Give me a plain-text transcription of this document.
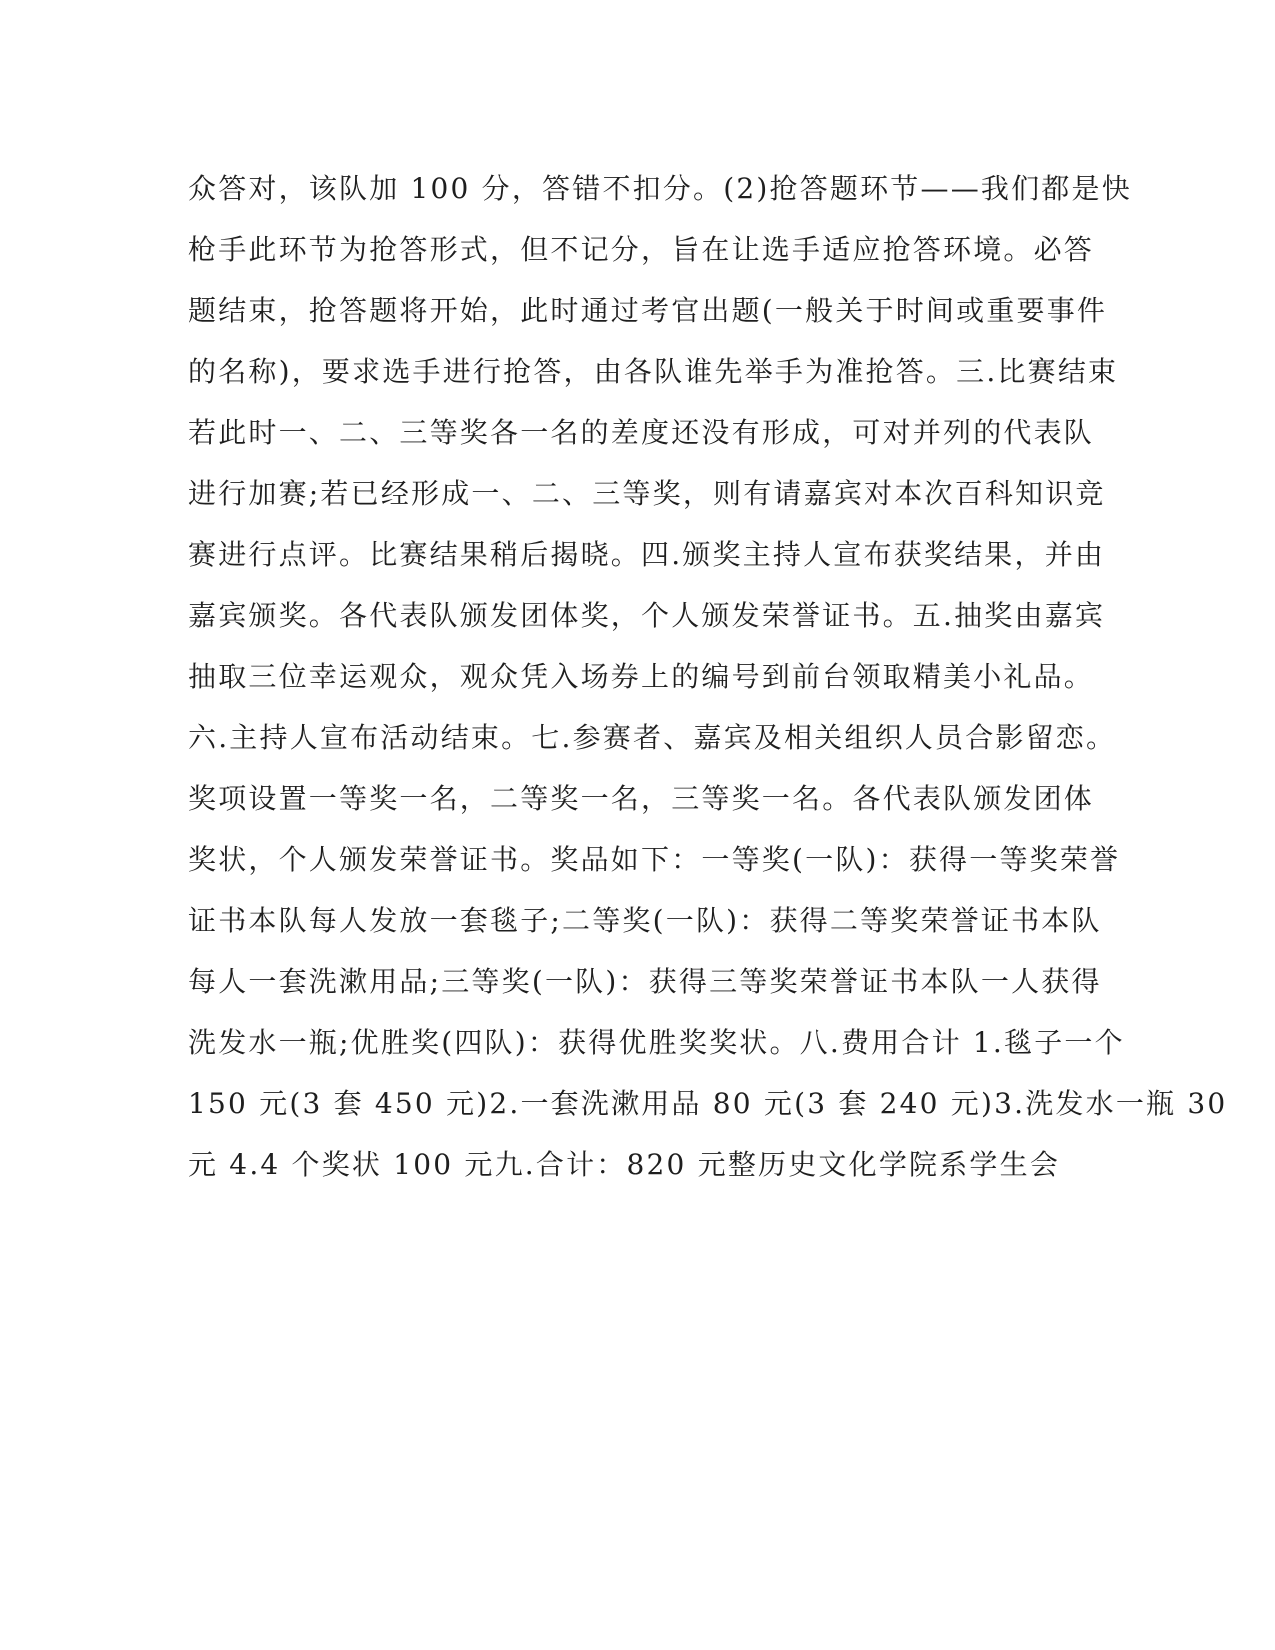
众答对，该队加 100 分，答错不扣分。(2)抢答题环节——我们都是快
枪手此环节为抢答形式，但不记分，旨在让选手适应抢答环境。必答
题结束，抢答题将开始，此时通过考官出题(一般关于时间或重要事件
的名称)，要求选手进行抢答，由各队谁先举手为准抢答。三.比赛结束
若此时一、二、三等奖各一名的差度还没有形成，可对并列的代表队
进行加赛;若已经形成一、二、三等奖，则有请嘉宾对本次百科知识竞
赛进行点评。比赛结果稍后揭晓。四.颁奖主持人宣布获奖结果，并由
嘉宾颁奖。各代表队颁发团体奖，个人颁发荣誉证书。五.抽奖由嘉宾
抽取三位幸运观众，观众凭入场券上的编号到前台领取精美小礼品。
六.主持人宣布活动结束。七.参赛者、嘉宾及相关组织人员合影留恋。
奖项设置一等奖一名，二等奖一名，三等奖一名。各代表队颁发团体
奖状，个人颁发荣誉证书。奖品如下：一等奖(一队)：获得一等奖荣誉
证书本队每人发放一套毯子;二等奖(一队)：获得二等奖荣誉证书本队
每人一套洗漱用品;三等奖(一队)：获得三等奖荣誉证书本队一人获得
洗发水一瓶;优胜奖(四队)：获得优胜奖奖状。八.费用合计 1.毯子一个
150 元(3 套 450 元)2.一套洗漱用品 80 元(3 套 240 元)3.洗发水一瓶 30
元 4.4 个奖状 100 元九.合计：820 元整历史文化学院系学生会
